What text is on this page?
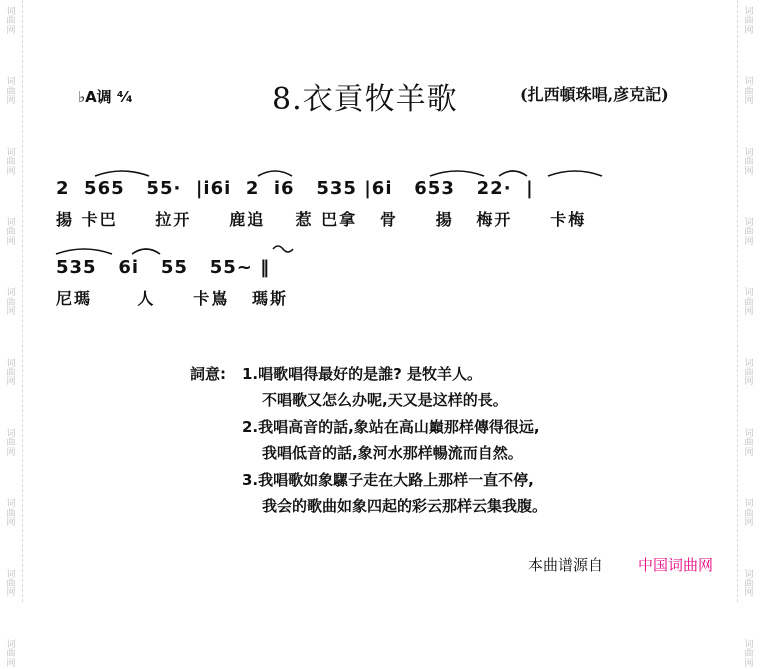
词
曲
网
词
曲
网
词
曲
网
词
曲
网
词
曲
网
词
曲
网
词
曲
网
词
曲
网
词
曲
网
词
曲
网
词
曲
网
词
曲
网
词
曲
网
词
曲
网
词
曲
网
词
曲
网
词
曲
网
词
曲
网
词
曲
网
词
曲
网
♭A调 ⁴⁄₄	8.衣貢牧羊歌	(扎西頓珠唱,彦克記)
2  565   55·  |i6i  2  i6   535 |6i   653   22·  |
揚 卡巴     拉开     鹿追    惹 巴拿   骨     揚   梅开     卡梅
535   6i   55   55~ ‖
尼瑪      人     卡嶌   瑪斯
詞意: 1.唱歌唱得最好的是誰? 是牧羊人。
不唱歌又怎么办呢,天又是这样的長。
2.我唱高音的話,象站在高山巔那样傳得很远,
我唱低音的話,象河水那样暢流而自然。
3.我唱歌如象騾子走在大路上那样一直不停,
我会的歌曲如象四起的彩云那样云集我腹。
本曲谱源自 中国词曲网
